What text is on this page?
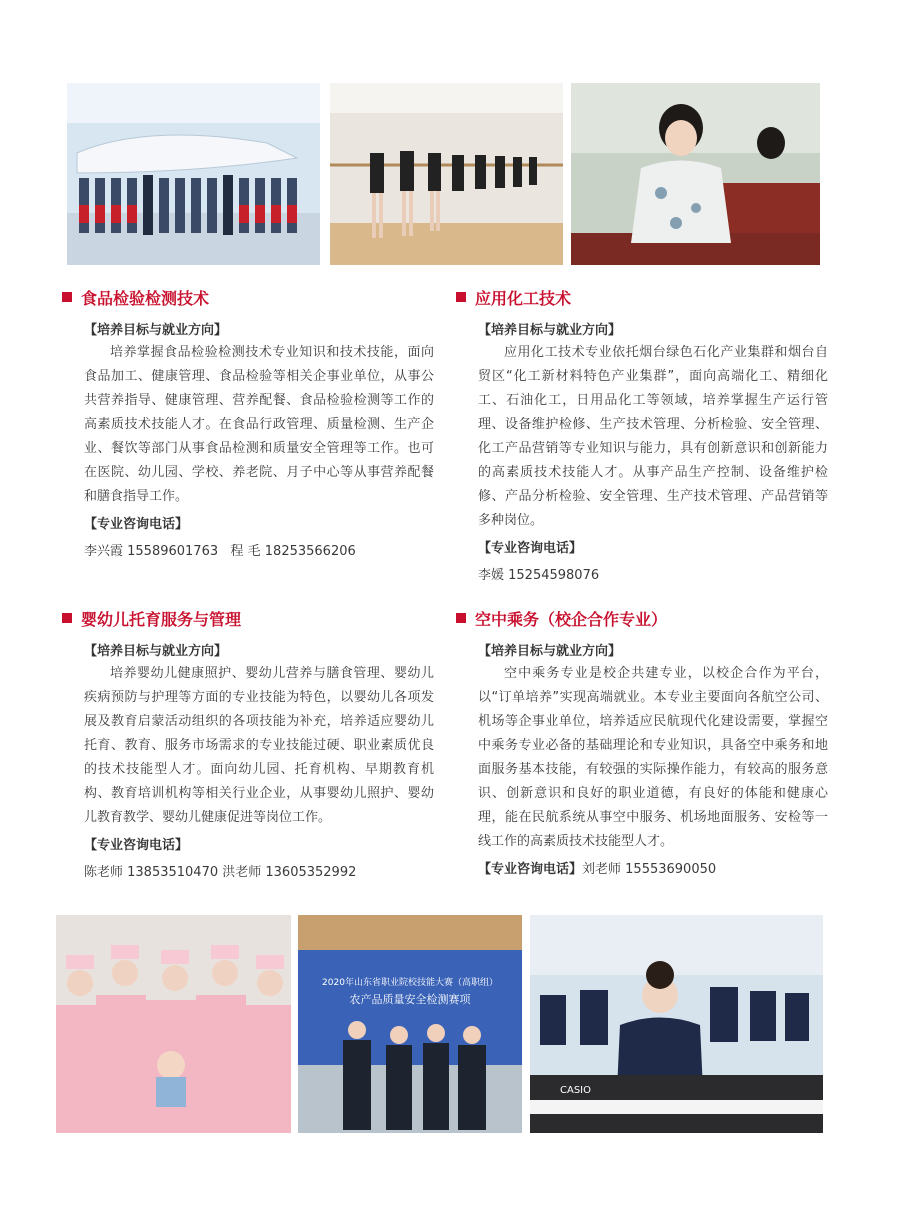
食品检验检测技术
【培养目标与就业方向】
培养掌握食品检验检测技术专业知识和技术技能，面向食品加工、健康管理、食品检验等相关企事业单位，从事公共营养指导、健康管理、营养配餐、食品检验检测等工作的高素质技术技能人才。在食品行政管理、质量检测、生产企业、餐饮等部门从事食品检测和质量安全管理等工作。也可在医院、幼儿园、学校、养老院、月子中心等从事营养配餐和膳食指导工作。
【专业咨询电话】
李兴霞 15589601763   程 毛 18253566206
应用化工技术
【培养目标与就业方向】
应用化工技术专业依托烟台绿色石化产业集群和烟台自贸区“化工新材料特色产业集群”，面向高端化工、精细化工、石油化工，日用品化工等领域，培养掌握生产运行管理、设备维护检修、生产技术管理、分析检验、安全管理、化工产品营销等专业知识与能力，具有创新意识和创新能力的高素质技术技能人才。从事产品生产控制、设备维护检修、产品分析检验、安全管理、生产技术管理、产品营销等多种岗位。
【专业咨询电话】
李媛 15254598076
婴幼儿托育服务与管理
【培养目标与就业方向】
培养婴幼儿健康照护、婴幼儿营养与膳食管理、婴幼儿疾病预防与护理等方面的专业技能为特色，以婴幼儿各项发展及教育启蒙活动组织的各项技能为补充，培养适应婴幼儿托育、教育、服务市场需求的专业技能过硬、职业素质优良的技术技能型人才。面向幼儿园、托育机构、早期教育机构、教育培训机构等相关行业企业，从事婴幼儿照护、婴幼儿教育教学、婴幼儿健康促进等岗位工作。
【专业咨询电话】
陈老师 13853510470 洪老师 13605352992
空中乘务（校企合作专业）
【培养目标与就业方向】
空中乘务专业是校企共建专业，以校企合作为平台，以“订单培养”实现高端就业。本专业主要面向各航空公司、机场等企事业单位，培养适应民航现代化建设需要，掌握空中乘务专业必备的基础理论和专业知识，具备空中乘务和地面服务基本技能，有较强的实际操作能力，有较高的服务意识、创新意识和良好的职业道德，有良好的体能和健康心理，能在民航系统从事空中服务、机场地面服务、安检等一线工作的高素质技术技能型人才。
【专业咨询电话】刘老师 15553690050
2020年山东省职业院校技能大赛（高职组）
农产品质量安全检测赛项
CASIO
